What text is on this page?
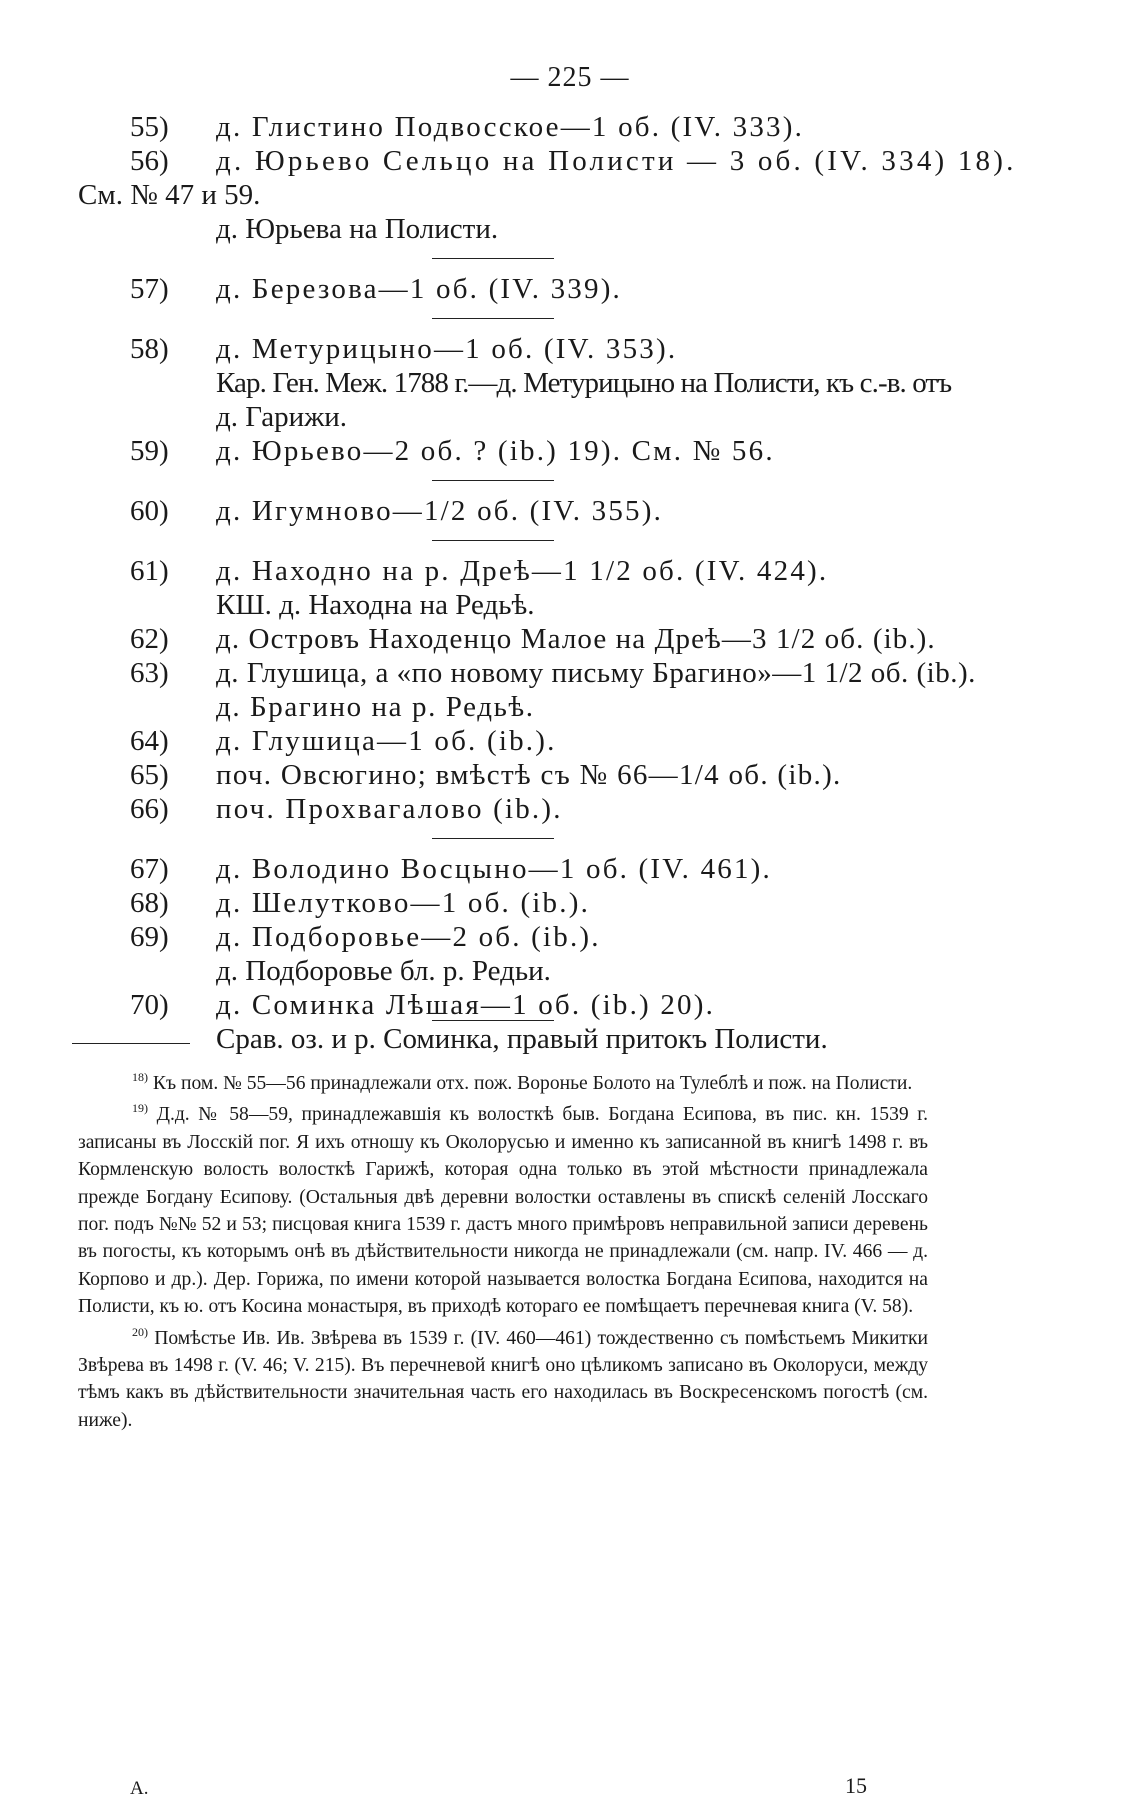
— 225 —
55)	д. Глистино Подвосское—1 об. (IV. 333).
56)	д. Юрьево Сельцо на Полисти — 3 об. (IV. 334) 18).
См. № 47 и 59.
д. Юрьева на Полисти.
57)	д. Березова—1 об. (IV. 339).
58)	д. Метурицыно—1 об. (IV. 353).
Кар. Ген. Меж. 1788 г.—д. Метурицыно на Полисти, къ с.-в. отъ
д. Гарижи.
59)	д. Юрьево—2 об. ? (ib.) 19). См. № 56.
60)	д. Игумново—1/2 об. (IV. 355).
61)	д. Находно на р. Дреѣ—1 1/2 об. (IV. 424).
КШ. д. Находна на Редьѣ.
62)	д. Островъ Находенцо Малое на Дреѣ—3 1/2 об. (ib.).
63)	д. Глушица, а «по новому письму Брагино»—1 1/2 об. (ib.).
д. Брагино на р. Редьѣ.
64)	д. Глушица—1 об. (ib.).
65)	поч. Овсюгино; вмѣстѣ съ № 66—1/4 об. (ib.).
66)	поч. Прохвагалово (ib.).
67)	д. Володино Восцыно—1 об. (IV. 461).
68)	д. Шелутково—1 об. (ib.).
69)	д. Подборовье—2 об. (ib.).
д. Подборовье бл. р. Редьи.
70)	д. Соминка Лѣшая—1 об. (ib.) 20).
Срав. оз. и р. Соминка, правый притокъ Полисти.

$^{18)}$ Къ пом. № 55—56 принадлежали отх. пож. Воронье Болото на Тулеблѣ и пож. на Полисти.

$^{19)}$ Д.д. № 58—59, принадлежавшія къ волосткѣ быв. Богдана Есипова, въ пис. кн. 1539 г. записаны въ Лосскій пог. Я ихъ отношу къ Околорусью и именно къ записанной въ книгѣ 1498 г. въ Кормленскую волость волосткѣ Гарижѣ, которая одна только въ этой мѣстности принадлежала прежде Богдану Есипову. (Остальныя двѣ деревни волостки оставлены въ спискѣ селеній Лосскаго пог. подъ №№ 52 и 53; писцовая книга 1539 г. дастъ много примѣровъ неправильной записи деревень въ погосты, къ которымъ онѣ въ дѣйствительности никогда не принадлежали (см. напр. IV. 466 — д. Корпово и др.). Дер. Горижа, по имени которой называется волостка Богдана Есипова, находится на Полисти, къ ю. отъ Косина монастыря, въ приходѣ котораго ее помѣщаетъ перечневая книга (V. 58).

$^{20)}$ Помѣстье Ив. Ив. Звѣрева въ 1539 г. (IV. 460—461) тождественно съ помѣстьемъ Микитки Звѣрева въ 1498 г. (V. 46; V. 215). Въ перечневой книгѣ оно цѣликомъ записано въ Околоруси, между тѣмъ какъ въ дѣйствительности значительная часть его находилась въ Воскресенскомъ погостѣ (см. ниже).

А.	15
